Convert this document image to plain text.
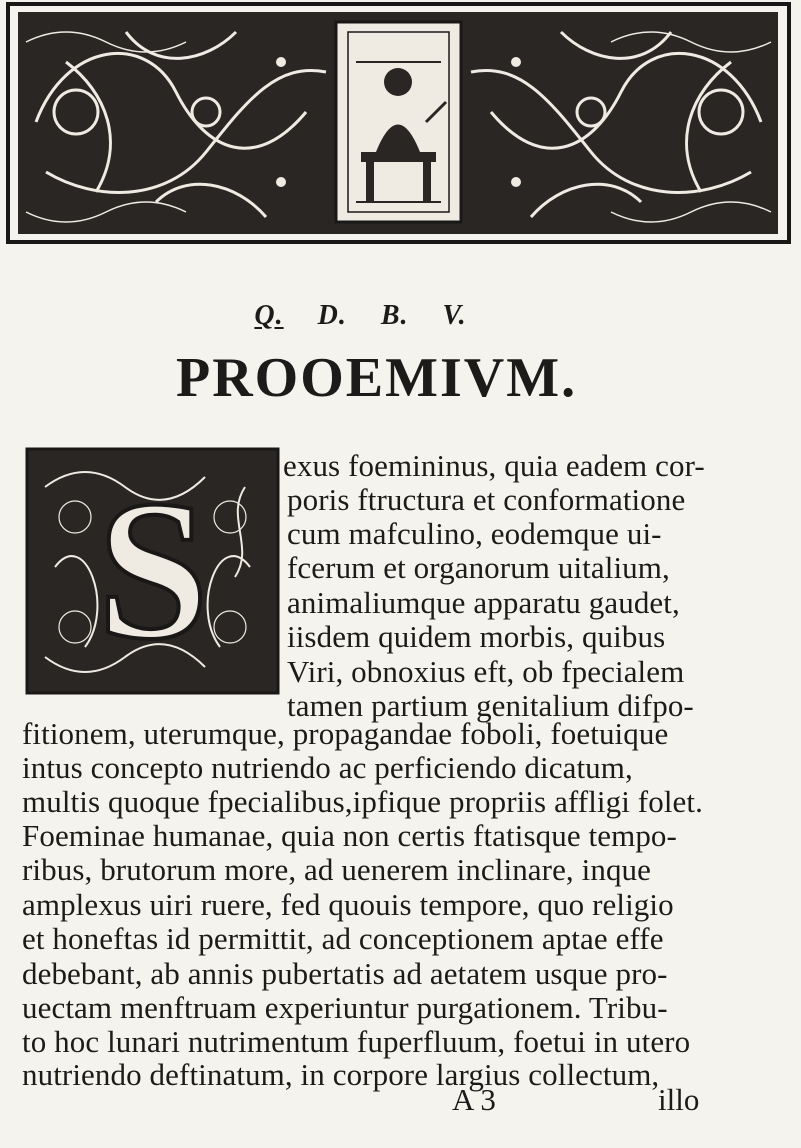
Q. D. B. V.
PROOEMIVM.
S exus foemininus, quia eadem cor-
poris ftructura et conformatione
cum mafculino, eodemque ui-
fcerum et organorum uitalium,
animaliumque apparatu gaudet,
iisdem quidem morbis, quibus
Viri, obnoxius eft, ob fpecialem
tamen partium genitalium difpo-
fitionem, uterumque, propagandae foboli, foetuique
intus concepto nutriendo ac perficiendo dicatum,
multis quoque fpecialibus,ipfique propriis affligi folet.
Foeminae humanae, quia non certis ftatisque tempo-
ribus, brutorum more, ad uenerem inclinare, inque
amplexus uiri ruere, fed quouis tempore, quo religio
et honeftas id permittit, ad conceptionem aptae effe
debebant, ab annis pubertatis ad aetatem usque pro-
uectam menftruam experiuntur purgationem. Tribu-
to hoc lunari nutrimentum fuperfluum, foetui in utero
nutriendo deftinatum, in corpore largius collectum,
A 3	illo
